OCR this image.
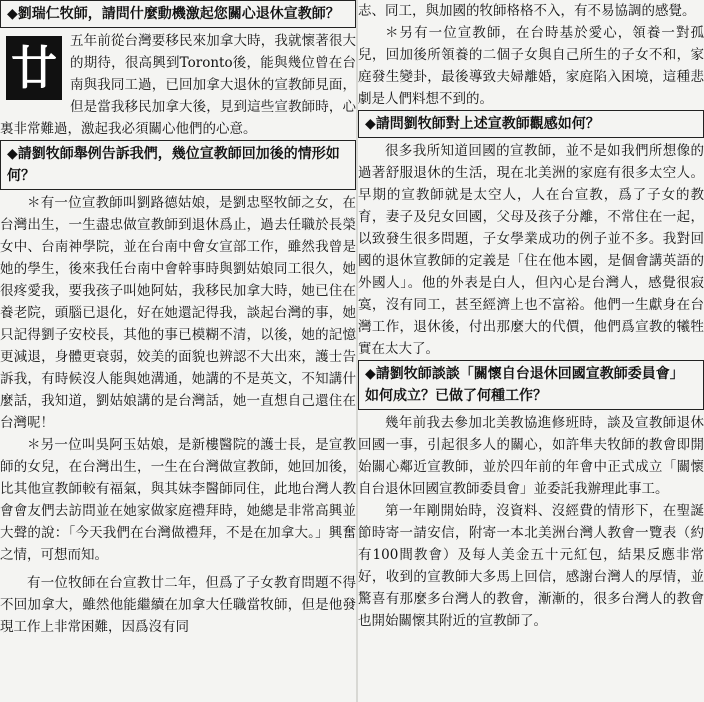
◆劉瑞仁牧師，請問什麼動機激起您關心退休宣教師？

廿 五年前從台灣要移民來加拿大時，我就懷著很大的期待，很高興到Toronto後，能與幾位曾在台南與我同工過，已回加拿大退休的宣教師見面，但是當我移民加拿大後，見到這些宣教師時，心裏非常難過，激起我必須關心他們的心意。

◆請劉牧師舉例告訴我們，幾位宣教師回加後的情形如何？

＊有一位宣教師叫劉路德姑娘，是劉忠堅牧師之女，在台灣出生，一生盡忠做宣教師到退休爲止，過去任職於長榮女中、台南神學院，並在台南中會女宣部工作，雖然我曾是她的學生，後來我任台南中會幹事時與劉姑娘同工很久，她很疼愛我，要我孩子叫她阿姑，我移民加拿大時，她已住在養老院，頭腦已退化，好在她還記得我，談起台灣的事，她只記得劉子安校長，其他的事已模糊不清，以後，她的記憶更減退，身體更衰弱，姣美的面貌也辨認不大出來，護士告訴我，有時候沒人能與她溝通，她講的不是英文，不知講什麼話，我知道，劉姑娘講的是台灣話，她一直想自己還住在台灣呢！

＊另一位叫吳阿玉姑娘，是新樓醫院的護士長，是宣教師的女兒，在台灣出生，一生在台灣做宣教師，她回加後，比其他宣教師較有福氣，與其妹李醫師同住，此地台灣人教會會友們去訪問並在她家做家庭禮拜時，她總是非常高興並大聲的說：「今天我們在台灣做禮拜，不是在加拿大。」興奮之情，可想而知。

有一位牧師在台宣教廿二年，但爲了子女教育問題不得不回加拿大，雖然他能繼續在加拿大任職當牧師，但是他發現工作上非常困難，因爲沒有同

志、同工，與加國的牧師格格不入，有不易協調的感覺。

＊另有一位宣教師，在台時基於愛心，領養一對孤兒，回加後所領養的二個子女與自己所生的子女不和，家庭發生變卦，最後導致夫婦離婚，家庭陷入困境，這種悲劇是人們料想不到的。

◆請問劉牧師對上述宣教師觀感如何？

很多我所知道回國的宣教師，並不是如我們所想像的過著舒服退休的生活，現在北美洲的家庭有很多太空人。早期的宣教師就是太空人，人在台宣教，爲了子女的教育，妻子及兒女回國，父母及孩子分離，不常住在一起，以致發生很多問題，子女學業成功的例子並不多。我對回國的退休宣教師的定義是「住在他本國，是個會講英語的外國人」。他的外表是白人，但內心是台灣人，感覺很寂寞，沒有同工，甚至經濟上也不富裕。他們一生獻身在台灣工作，退休後，付出那麼大的代價，他們爲宣教的犧牲實在太大了。

◆請劉牧師談談「關懷自台退休回國宣教師委員會」如何成立？已做了何種工作？

幾年前我去參加北美教協進修班時，談及宣教師退休回國一事，引起很多人的關心，如許隼夫牧師的教會即開始關心鄰近宣教師，並於四年前的年會中正式成立「關懷自台退休回國宣教師委員會」並委託我辦理此事工。

第一年剛開始時，沒資料、沒經費的情形下，在聖誕節時寄一請安信，附寄一本北美洲台灣人教會一覽表（約有100間教會）及每人美金五十元紅包，結果反應非常好，收到的宣教師大多馬上回信，感謝台灣人的厚情，並驚喜有那麼多台灣人的教會，漸漸的，很多台灣人的教會也開始關懷其附近的宣教師了。
